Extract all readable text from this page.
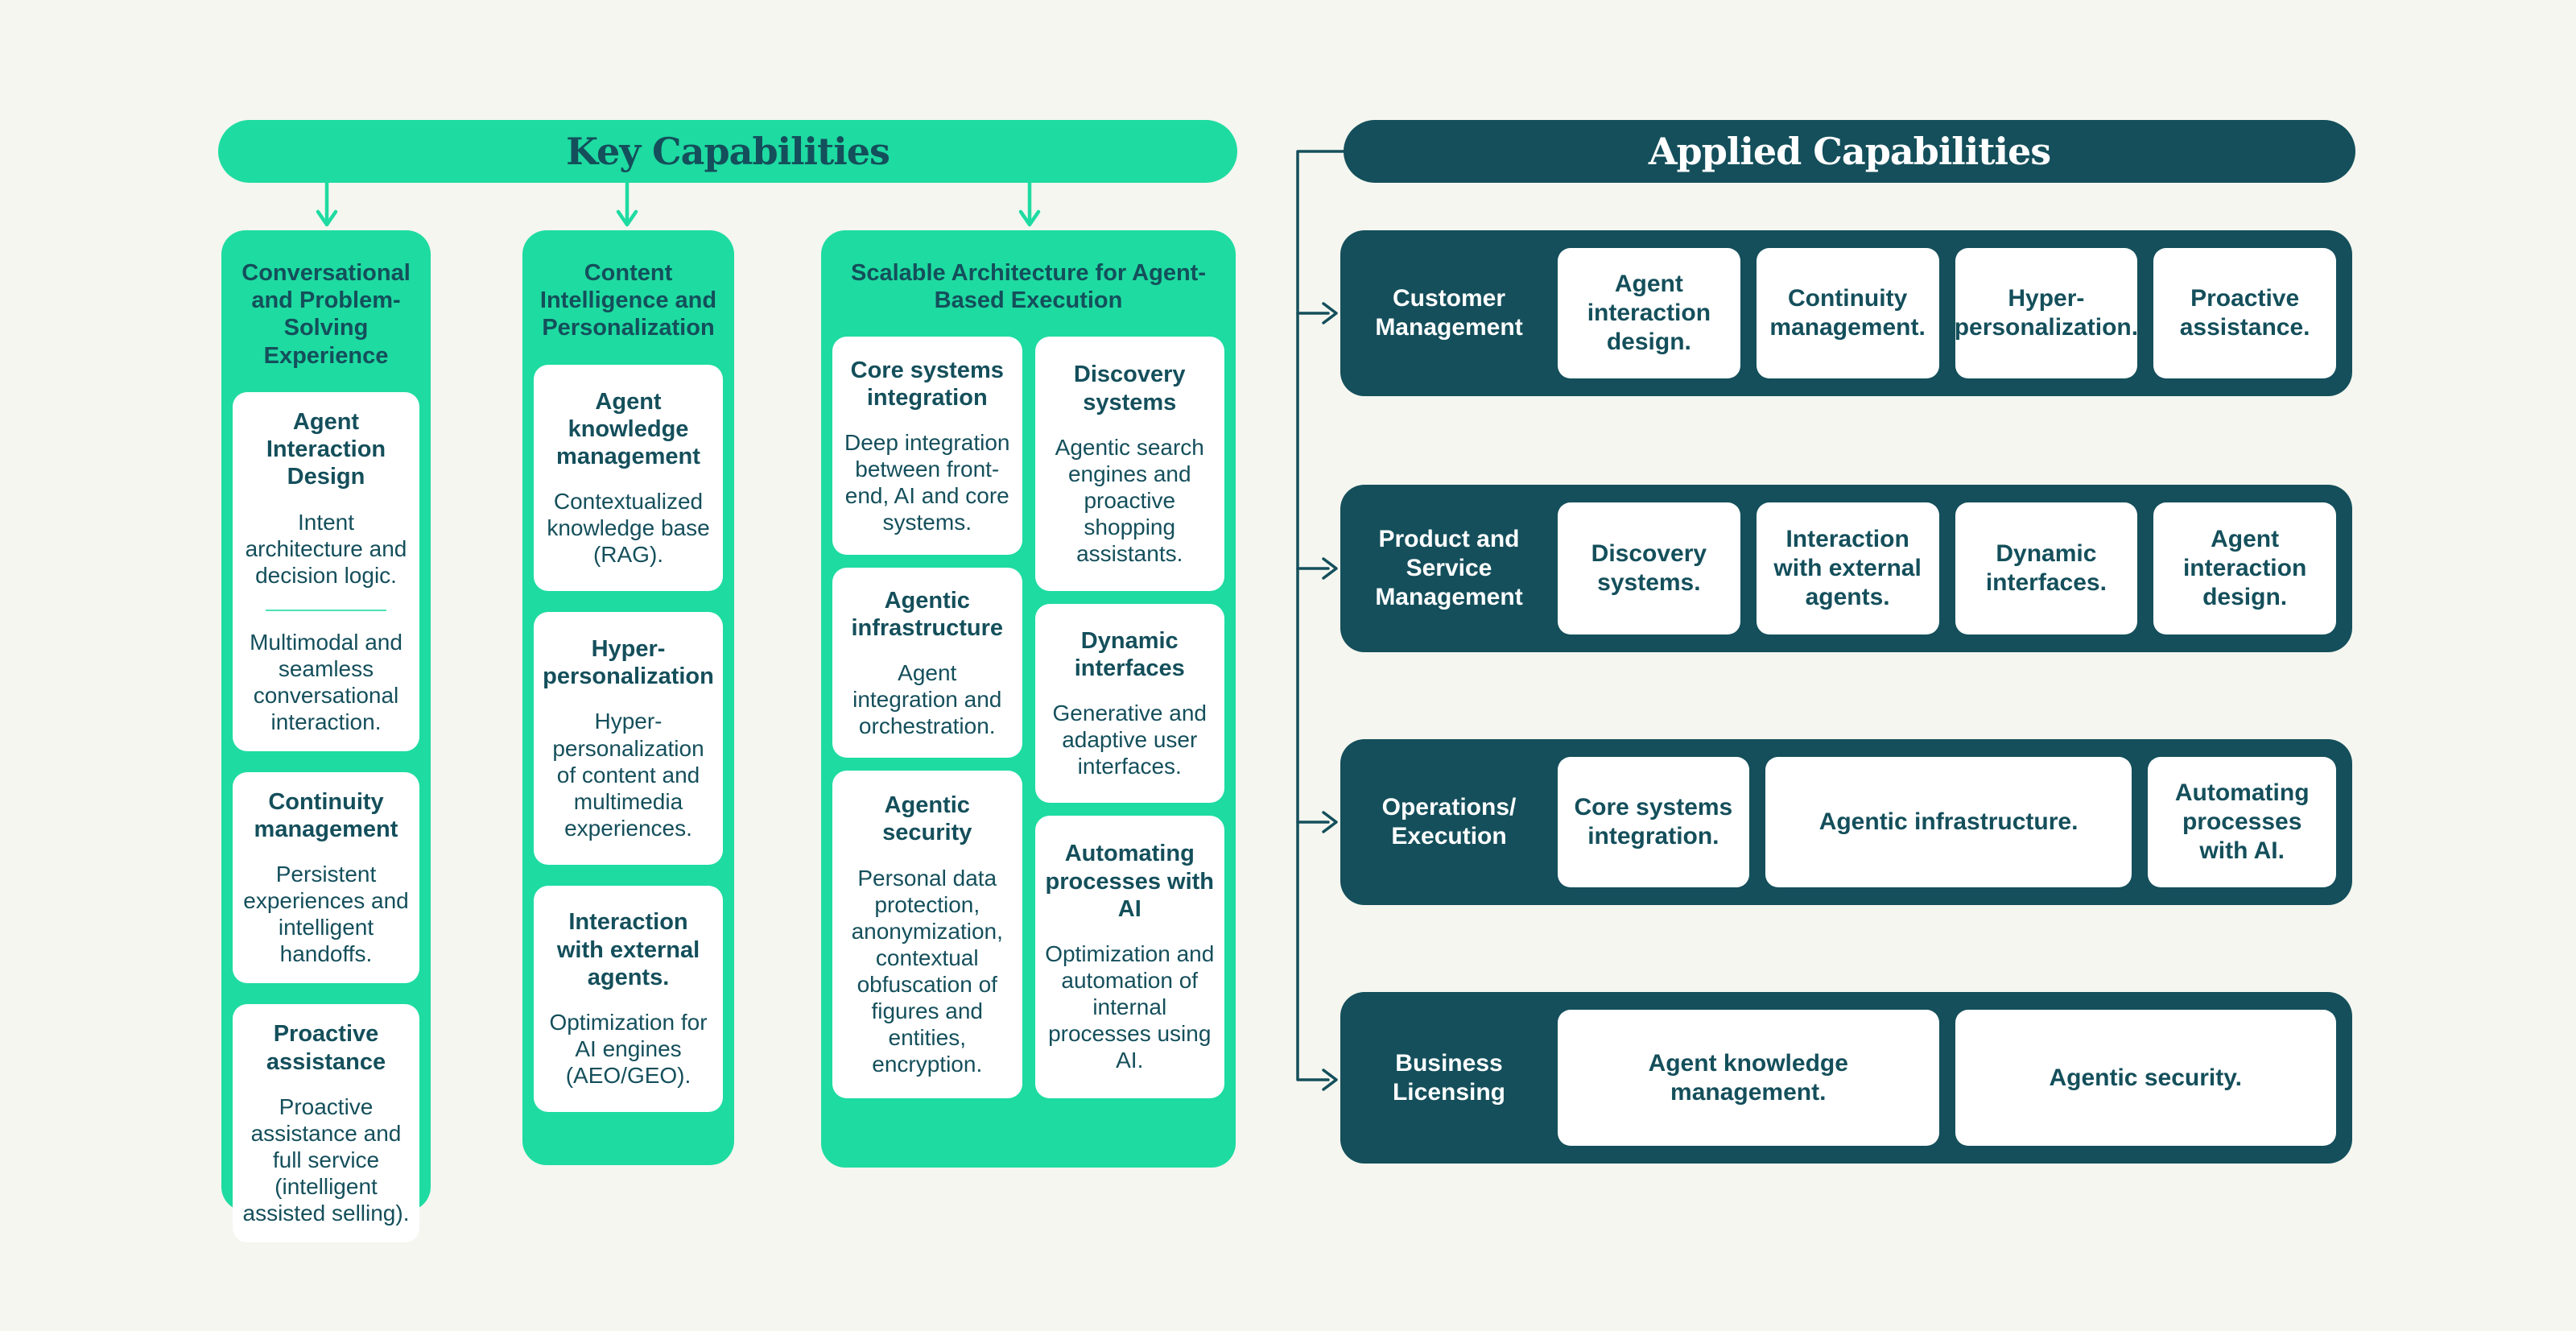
Key Capabilities
Conversational and Problem-Solving Experience
Agent Interaction Design

Intent architecture and decision logic.

Multimodal and seamless conversational interaction.

Continuity management

Persistent experiences and intelligent handoffs.

Proactive assistance

Proactive assistance and full service (intelligent assisted selling).

Content Intelligence and Personalization
Agent knowledge management

Contextualized knowledge base (RAG).

Hyper-personalization

Hyper-personalization of content and multimedia experiences.

Interaction with external agents.

Optimization for AI engines (AEO/GEO).

Scalable Architecture for Agent-Based Execution
Core systems integration

Deep integration between front-end, AI and core systems.

Agentic infrastructure

Agent integration and orchestration.

Agentic security

Personal data protection, anonymization, contextual obfuscation of figures and entities, encryption.

Discovery systems

Agentic search engines and proactive shopping assistants.

Dynamic interfaces

Generative and adaptive user interfaces.

Automating processes with AI

Optimization and automation of internal processes using AI.

Applied Capabilities
Customer Management
Agent interaction design.
Continuity management.
Hyper-personalization.
Proactive assistance.
Product and Service Management
Discovery systems.
Interaction with external agents.
Dynamic interfaces.
Agent interaction design.
Operations/ Execution
Core systems integration.
Agentic infrastructure.
Automating processes with AI.
Business Licensing
Agent knowledge management.
Agentic security.
